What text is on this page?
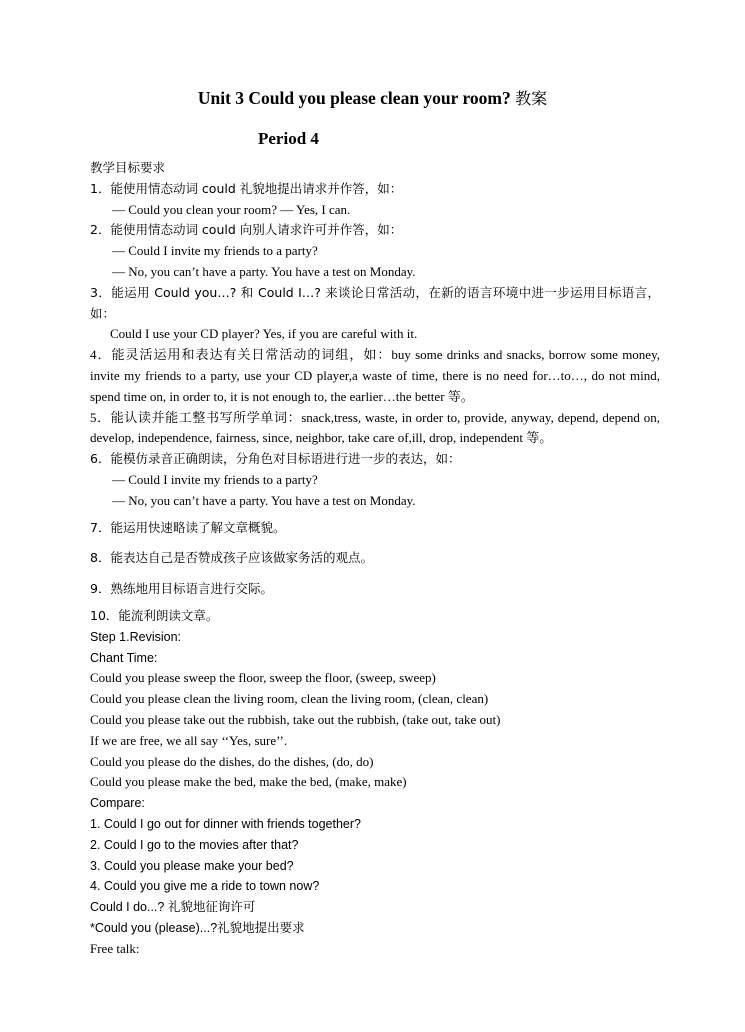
Unit 3 Could you please clean your room? 教案
Period 4
教学目标要求
1．能使用情态动词 could 礼貌地提出请求并作答，如：
— Could you clean your room? — Yes, I can.
2．能使用情态动词 could 向别人请求许可并作答，如：
— Could I invite my friends to a party?
— No, you can’t have a party. You have a test on Monday.
3．能运用 Could you…? 和 Could I…? 来谈论日常活动，在新的语言环境中进一步运用目标语言，如：
Could I use your CD player? Yes, if you are careful with it.
4．能灵活运用和表达有关日常活动的词组，如：buy some drinks and snacks, borrow some money, invite my friends to a party, use your CD player,a waste of time, there is no need for…to…, do not mind, spend time on, in order to, it is not enough to, the earlier…the better 等。
5．能认读并能工整书写所学单词：snack,tress, waste, in order to, provide, anyway, depend, depend on, develop, independence, fairness, since, neighbor, take care of,ill, drop, independent 等。
6．能模仿录音正确朗读，分角色对目标语进行进一步的表达，如：
— Could I invite my friends to a party?
— No, you can’t have a party. You have a test on Monday.
7．能运用快速略读了解文章概貌。
8．能表达自己是否赞成孩子应该做家务活的观点。
9．熟练地用目标语言进行交际。
10．能流利朗读文章。
Step 1.Revision:
Chant Time:
Could you please sweep the floor, sweep the floor, (sweep, sweep)
Could you please clean the living room, clean the living room, (clean, clean)
Could you please take out the rubbish, take out the rubbish, (take out, take out)
If we are free, we all say ‘‘Yes, sure’’.
Could you please do the dishes, do the dishes, (do, do)
Could you please make the bed, make the bed, (make, make)
Compare:
1. Could I go out for dinner with friends together?
2. Could I go to the movies after that?
3. Could you please make your bed?
4. Could you give me a ride to town now?
Could I do...? 礼貌地征询许可
*Could you (please)...?礼貌地提出要求
Free talk:
